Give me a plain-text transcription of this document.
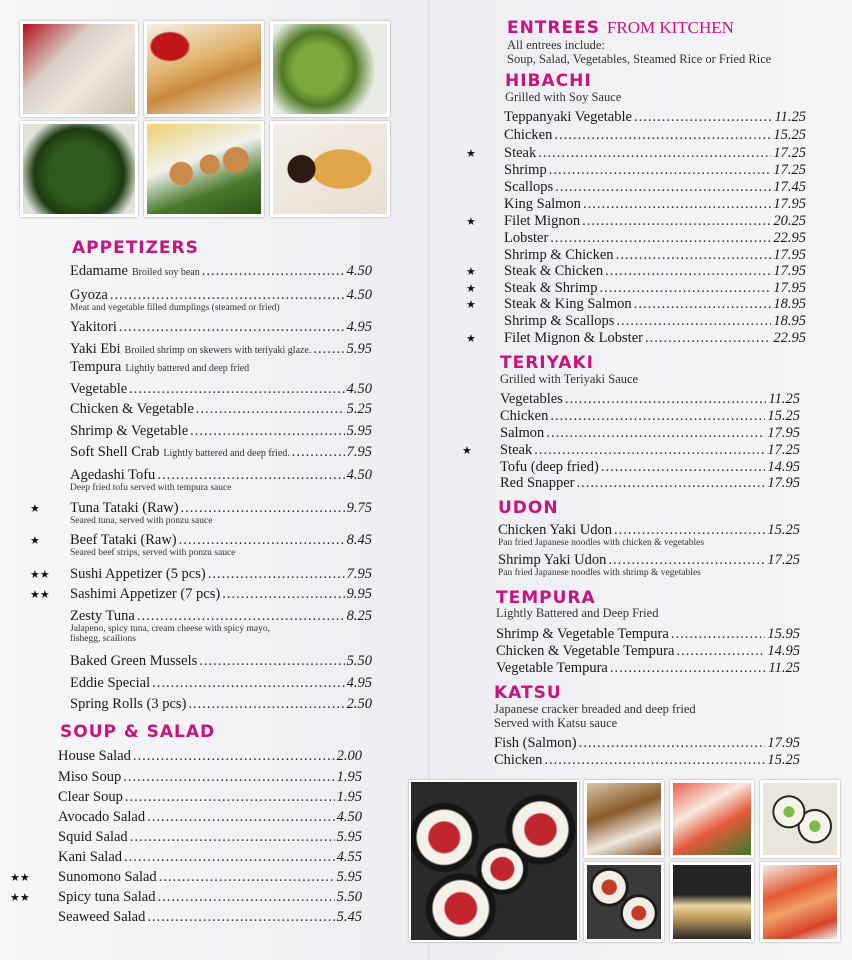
APPETIZERS
SOUP & SALAD
ENTREES FROM KITCHEN
All entrees include:
Soup, Salad, Vegetables, Steamed Rice or Fried Rice
HIBACHI
Grilled with Soy Sauce
TERIYAKI
Grilled with Teriyaki Sauce
UDON
TEMPURA
Lightly Battered and Deep Fried
KATSU
Japanese cracker breaded and deep fried
Served with Katsu sauce
Edamame Broiled soy bean .....	4.50
Gyoza .....	4.50
Meat and vegetable filled dumplings (steamed or fried)
Yakitori .....	4.95
Yaki Ebi Broiled shrimp on skewers with teriyaki glaze. ..... 5.95
Tempura Lightly battered and deep fried
Vegetable .....	4.50
Chicken & Vegetable .....	5.25
Shrimp & Vegetable .....	5.95
Soft Shell Crab Lightly battered and deep fried. .....	7.95
Agedashi Tofu .....	4.50
Deep fried tofu served with tempura sauce
Tuna Tataki (Raw) .....	9.75
★
Seared tuna, served with ponzu sauce
Beef Tataki (Raw) .....	8.45
★
Seared beef strips, served with ponzu sauce
Sushi Appetizer (5 pcs) .....	7.95
★★
Sashimi Appetizer (7 pcs) .....	9.95
★★
Zesty Tuna .....	8.25
Jalapeno, spicy tuna, cream cheese with spicy mayo,
fishegg, scallions
Baked Green Mussels .....	5.50
Eddie Special .....	4.95
Spring Rolls (3 pcs) .....	2.50
House Salad .....	2.00
Miso Soup .....	1.95
Clear Soup .....	1.95
Avocado Salad .....	4.50
Squid Salad .....	5.95
Kani Salad .....	4.55
Sunomono Salad .....	5.95
★★
Spicy tuna Salad .....	5.50
★★
Seaweed Salad .....	5.45
Teppanyaki Vegetable .....	11.25
Chicken .....	15.25
Steak .....	17.25
★
Shrimp .....	17.25
Scallops .....	17.45
King Salmon .....	17.95
Filet Mignon .....	20.25
★
Lobster .....	22.95
Shrimp & Chicken .....	17.95
Steak & Chicken .....	17.95
★
Steak & Shrimp .....	17.95
★
Steak & King Salmon .....	18.95
★
Shrimp & Scallops .....	18.95
Filet Mignon & Lobster .....	22.95
★
Vegetables .....	11.25
Chicken .....	15.25
Salmon .....	17.95
Steak .....	17.25
★
Tofu (deep fried) .....	14.95
Red Snapper .....	17.95
Chicken Yaki Udon .....	15.25
Pan fried Japanese noodles with chicken & vegetables
Shrimp Yaki Udon .....	17.25
Pan fried Japanese noodles with shrimp & vegetables
Shrimp & Vegetable Tempura .....	15.95
Chicken & Vegetable Tempura .....	14.95
Vegetable Tempura .....	11.25
Fish (Salmon) .....	17.95
Chicken .....	15.25
